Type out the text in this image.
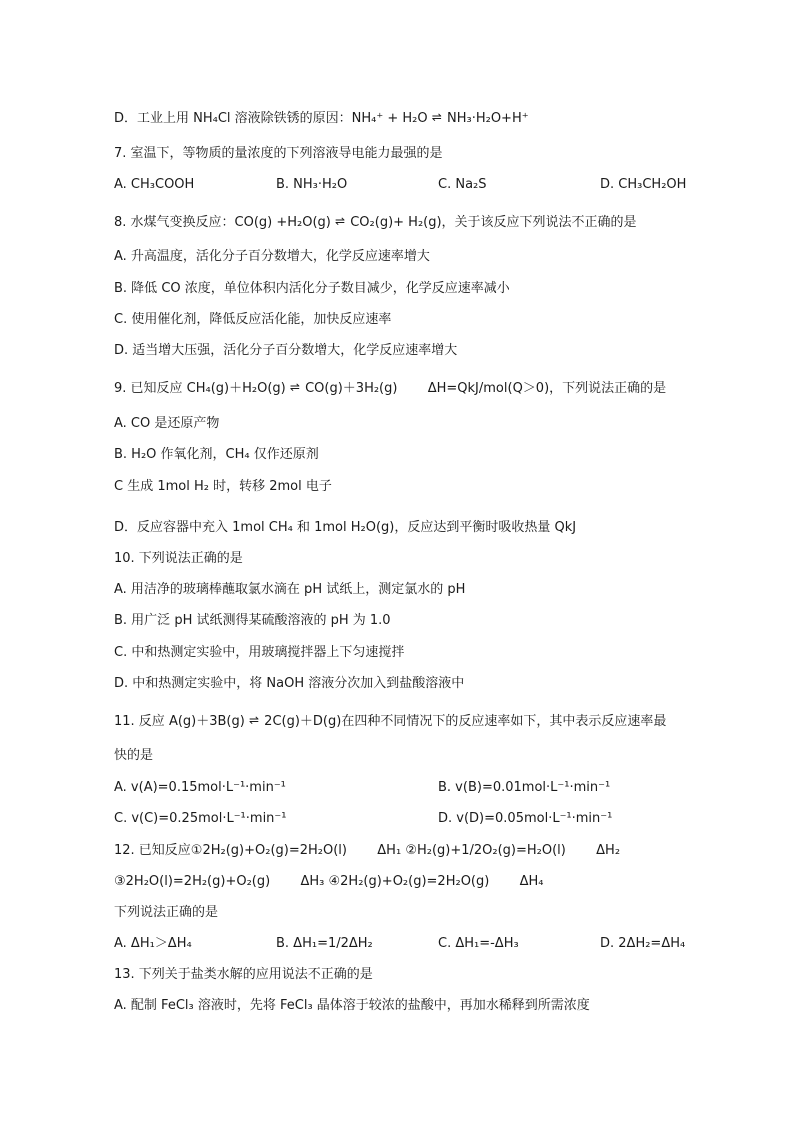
D．工业上用 NH₄Cl 溶液除铁锈的原因：NH₄⁺ + H₂O ⇌ NH₃·H₂O+H⁺
7. 室温下，等物质的量浓度的下列溶液导电能力最强的是
A. CH₃COOH	B. NH₃·H₂O	C. Na₂S	D. CH₃CH₂OH
8. 水煤气变换反应：CO(g) +H₂O(g) ⇌ CO₂(g)+ H₂(g)，关于该反应下列说法不正确的是
A. 升高温度，活化分子百分数增大，化学反应速率增大
B. 降低 CO 浓度，单位体积内活化分子数目减少，化学反应速率减小
C. 使用催化剂，降低反应活化能，加快反应速率
D. 适当增大压强，活化分子百分数增大，化学反应速率增大
9. 已知反应 CH₄(g)＋H₂O(g) ⇌ CO(g)＋3H₂(g) ΔH=QkJ/mol(Q＞0)，下列说法正确的是
A. CO 是还原产物
B. H₂O 作氧化剂，CH₄ 仅作还原剂
C 生成 1mol H₂ 时，转移 2mol 电子
D．反应容器中充入 1mol CH₄ 和 1mol H₂O(g)，反应达到平衡时吸收热量 QkJ
10. 下列说法正确的是
A. 用洁净的玻璃棒蘸取氯水滴在 pH 试纸上，测定氯水的 pH
B. 用广泛 pH 试纸测得某硫酸溶液的 pH 为 1.0
C. 中和热测定实验中，用玻璃搅拌器上下匀速搅拌
D. 中和热测定实验中，将 NaOH 溶液分次加入到盐酸溶液中
11. 反应 A(g)＋3B(g) ⇌ 2C(g)＋D(g)在四种不同情况下的反应速率如下，其中表示反应速率最
快的是
A. v(A)=0.15mol·L⁻¹·min⁻¹	B. v(B)=0.01mol·L⁻¹·min⁻¹
C. v(C)=0.25mol·L⁻¹·min⁻¹	D. v(D)=0.05mol·L⁻¹·min⁻¹
12. 已知反应①2H₂(g)+O₂(g)=2H₂O(l) ΔH₁ ②H₂(g)+1/2O₂(g)=H₂O(l) ΔH₂
③2H₂O(l)=2H₂(g)+O₂(g) ΔH₃ ④2H₂(g)+O₂(g)=2H₂O(g) ΔH₄
下列说法正确的是
A. ΔH₁＞ΔH₄	B. ΔH₁=1/2ΔH₂	C. ΔH₁=-ΔH₃	D. 2ΔH₂=ΔH₄
13. 下列关于盐类水解的应用说法不正确的是
A. 配制 FeCl₃ 溶液时，先将 FeCl₃ 晶体溶于较浓的盐酸中，再加水稀释到所需浓度
